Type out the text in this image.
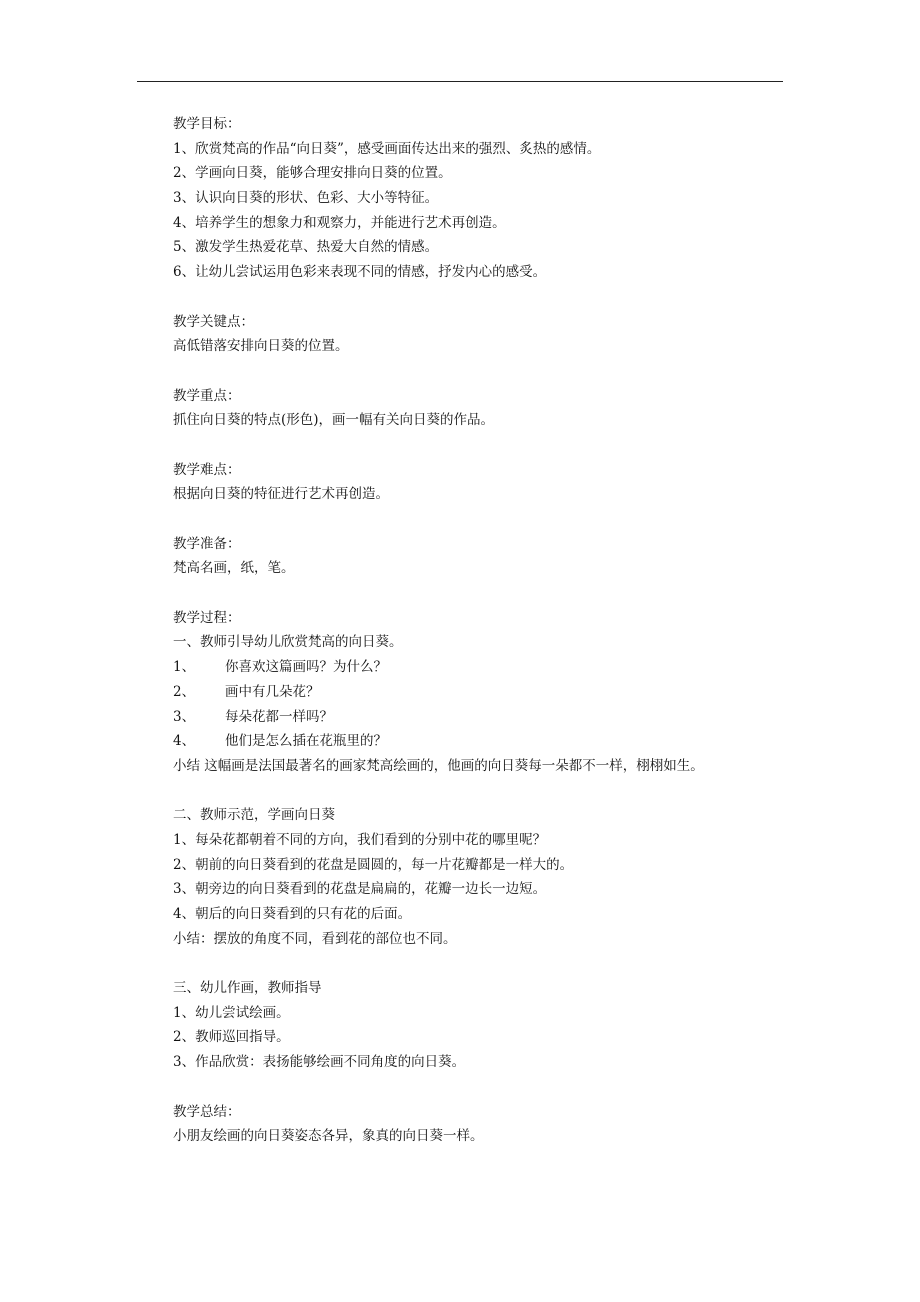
教学目标：
1、欣赏梵高的作品“向日葵”，感受画面传达出来的强烈、炙热的感情。
2、学画向日葵，能够合理安排向日葵的位置。
3、认识向日葵的形状、色彩、大小等特征。
4、培养学生的想象力和观察力，并能进行艺术再创造。
5、激发学生热爱花草、热爱大自然的情感。
6、让幼儿尝试运用色彩来表现不同的情感，抒发内心的感受。
教学关键点：
高低错落安排向日葵的位置。
教学重点：
抓住向日葵的特点(形色)，画一幅有关向日葵的作品。
教学难点：
根据向日葵的特征进行艺术再创造。
教学准备：
梵高名画，纸，笔。
教学过程：
一、教师引导幼儿欣赏梵高的向日葵。
1、 你喜欢这篇画吗？为什么？
2、 画中有几朵花？
3、 每朵花都一样吗？
4、 他们是怎么插在花瓶里的？
小结 这幅画是法国最著名的画家梵高绘画的，他画的向日葵每一朵都不一样，栩栩如生。
二、教师示范，学画向日葵
1、每朵花都朝着不同的方向，我们看到的分别中花的哪里呢？
2、朝前的向日葵看到的花盘是圆圆的，每一片花瓣都是一样大的。
3、朝旁边的向日葵看到的花盘是扁扁的，花瓣一边长一边短。
4、朝后的向日葵看到的只有花的后面。
小结：摆放的角度不同，看到花的部位也不同。
三、幼儿作画，教师指导
1、幼儿尝试绘画。
2、教师巡回指导。
3、作品欣赏：表扬能够绘画不同角度的向日葵。
教学总结：
小朋友绘画的向日葵姿态各异，象真的向日葵一样。
